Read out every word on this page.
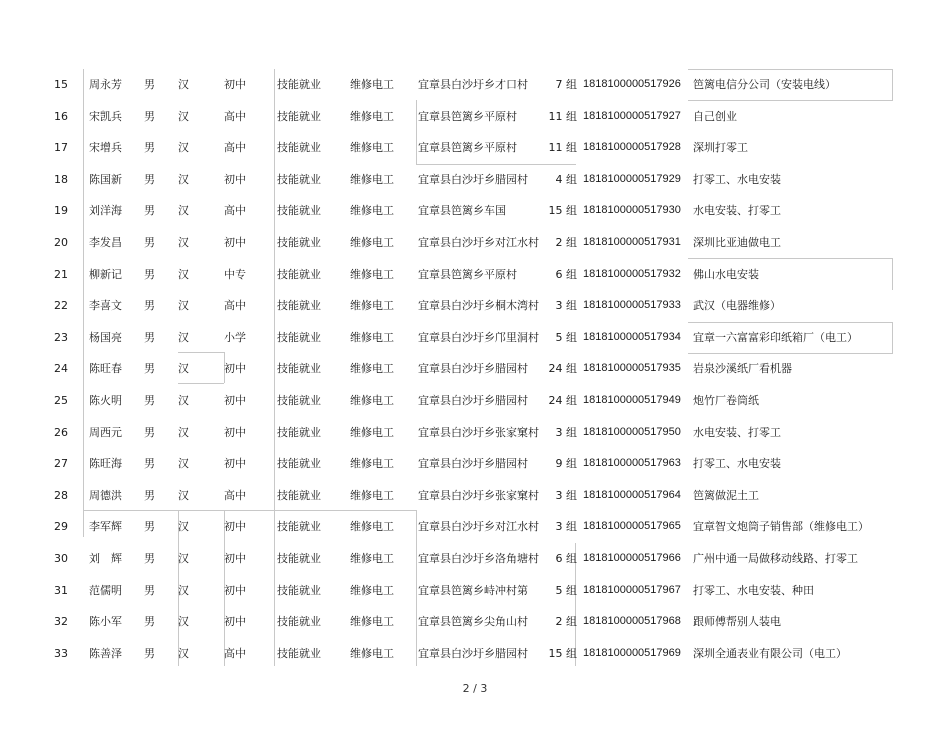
15 周永芳 男 汉	初中	技能就业	维修电工 宜章县白沙圩乡才口村	7 组 1818100000517926 笆篱电信分公司（安装电线）
16 宋凯兵 男 汉	高中	技能就业	维修电工 宜章县笆篱乡平原村	11 组 1818100000517927 自己创业
17 宋增兵 男 汉	高中	技能就业	维修电工 宜章县笆篱乡平原村	11 组 1818100000517928 深圳打零工
18 陈国新 男 汉	初中	技能就业	维修电工 宜章县白沙圩乡腊园村	4 组 1818100000517929 打零工、水电安装
19 刘洋海 男 汉	高中	技能就业	维修电工 宜章县笆篱乡车国	15 组 1818100000517930 水电安装、打零工
20 李发昌 男 汉	初中	技能就业	维修电工 宜章县白沙圩乡对江水村	2 组 1818100000517931 深圳比亚迪做电工
21 柳新记 男 汉	中专	技能就业	维修电工 宜章县笆篱乡平原村	6 组 1818100000517932 佛山水电安装
22 李喜文 男 汉	高中	技能就业	维修电工 宜章县白沙圩乡桐木湾村	3 组 1818100000517933 武汉（电器维修）
23 杨国亮 男 汉	小学	技能就业	维修电工 宜章县白沙圩乡邝里洞村	5 组 1818100000517934 宜章一六富富彩印纸箱厂（电工）
24 陈旺春 男 汉	初中	技能就业	维修电工 宜章县白沙圩乡腊园村	24 组 1818100000517935 岩泉沙溪纸厂看机器
25 陈火明 男 汉	初中	技能就业	维修电工 宜章县白沙圩乡腊园村	24 组 1818100000517949 炮竹厂卷筒纸
26 周西元 男 汉	初中	技能就业	维修电工 宜章县白沙圩乡张家窠村	3 组 1818100000517950 水电安装、打零工
27 陈旺海 男 汉	初中	技能就业	维修电工 宜章县白沙圩乡腊园村	9 组 1818100000517963 打零工、水电安装
28 周德洪 男 汉	高中	技能就业	维修电工 宜章县白沙圩乡张家窠村	3 组 1818100000517964 笆篱做泥土工
29 李军辉 男 汉	初中	技能就业	维修电工 宜章县白沙圩乡对江水村	3 组 1818100000517965 宜章智文炮筒子销售部（维修电工）
30 刘　辉 男 汉	初中	技能就业	维修电工 宜章县白沙圩乡洛角塘村	6 组 1818100000517966 广州中通一局做移动线路、打零工
31 范儒明 男 汉	初中	技能就业	维修电工 宜章县笆篱乡峙冲村第	5 组 1818100000517967 打零工、水电安装、种田
32 陈小军 男 汉	初中	技能就业	维修电工 宜章县笆篱乡尖角山村	2 组 1818100000517968 跟师傅帮别人装电
33 陈善泽 男 汉	高中	技能就业	维修电工 宜章县白沙圩乡腊园村	15 组 1818100000517969 深圳全通表业有限公司（电工）
2 / 3
